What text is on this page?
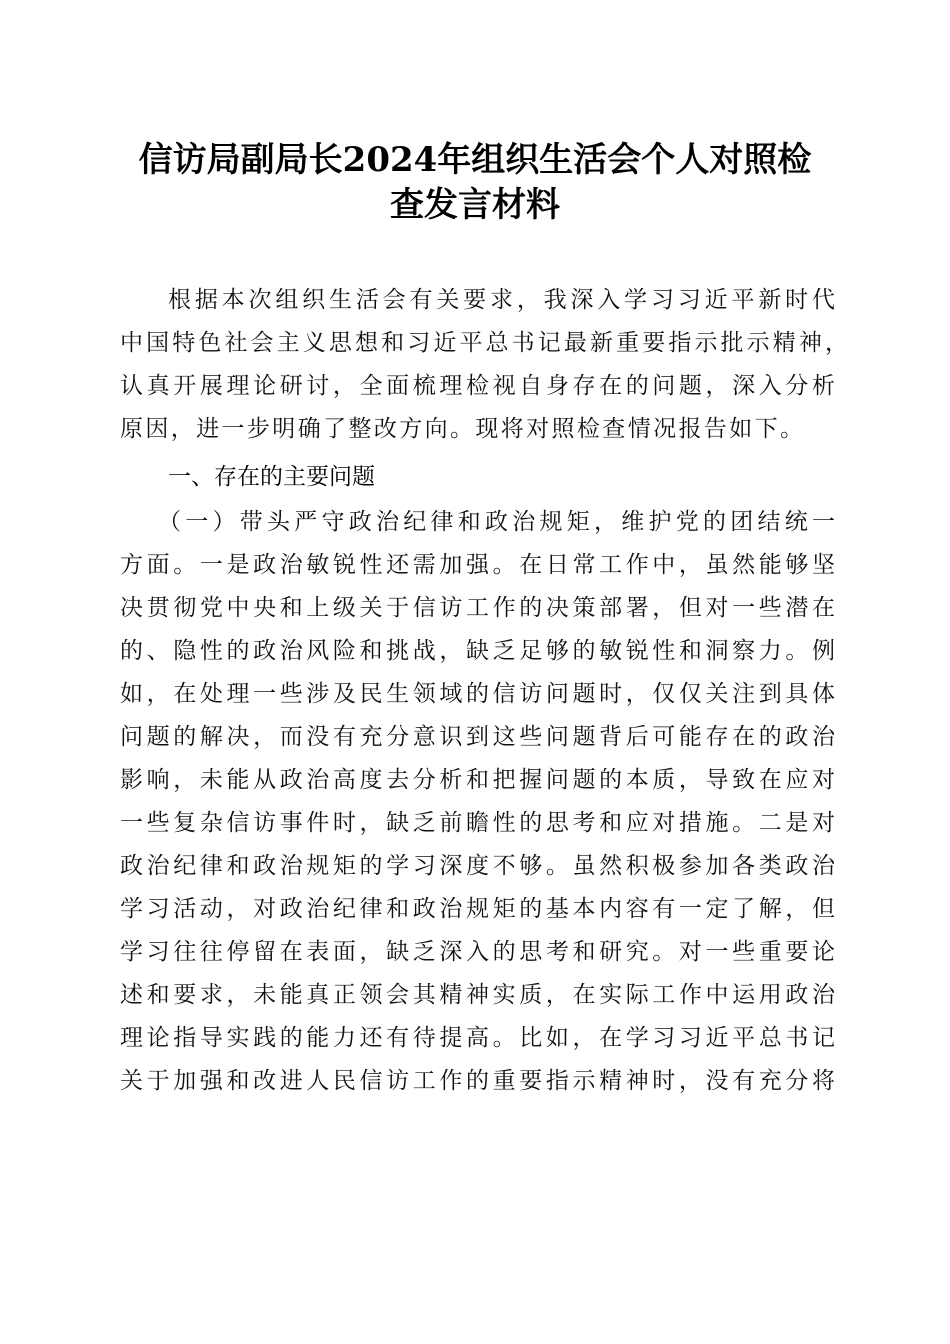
信访局副局长2024年组织生活会个人对照检
查发言材料
根据本次组织生活会有关要求，我深入学习习近平新时代
中国特色社会主义思想和习近平总书记最新重要指示批示精神，
认真开展理论研讨，全面梳理检视自身存在的问题，深入分析
原因，进一步明确了整改方向。现将对照检查情况报告如下。
一、存在的主要问题
（一）带头严守政治纪律和政治规矩，维护党的团结统一
方面。一是政治敏锐性还需加强。在日常工作中，虽然能够坚
决贯彻党中央和上级关于信访工作的决策部署，但对一些潜在
的、隐性的政治风险和挑战，缺乏足够的敏锐性和洞察力。例
如，在处理一些涉及民生领域的信访问题时，仅仅关注到具体
问题的解决，而没有充分意识到这些问题背后可能存在的政治
影响，未能从政治高度去分析和把握问题的本质，导致在应对
一些复杂信访事件时，缺乏前瞻性的思考和应对措施。二是对
政治纪律和政治规矩的学习深度不够。虽然积极参加各类政治
学习活动，对政治纪律和政治规矩的基本内容有一定了解，但
学习往往停留在表面，缺乏深入的思考和研究。对一些重要论
述和要求，未能真正领会其精神实质，在实际工作中运用政治
理论指导实践的能力还有待提高。比如，在学习习近平总书记
关于加强和改进人民信访工作的重要指示精神时，没有充分将
